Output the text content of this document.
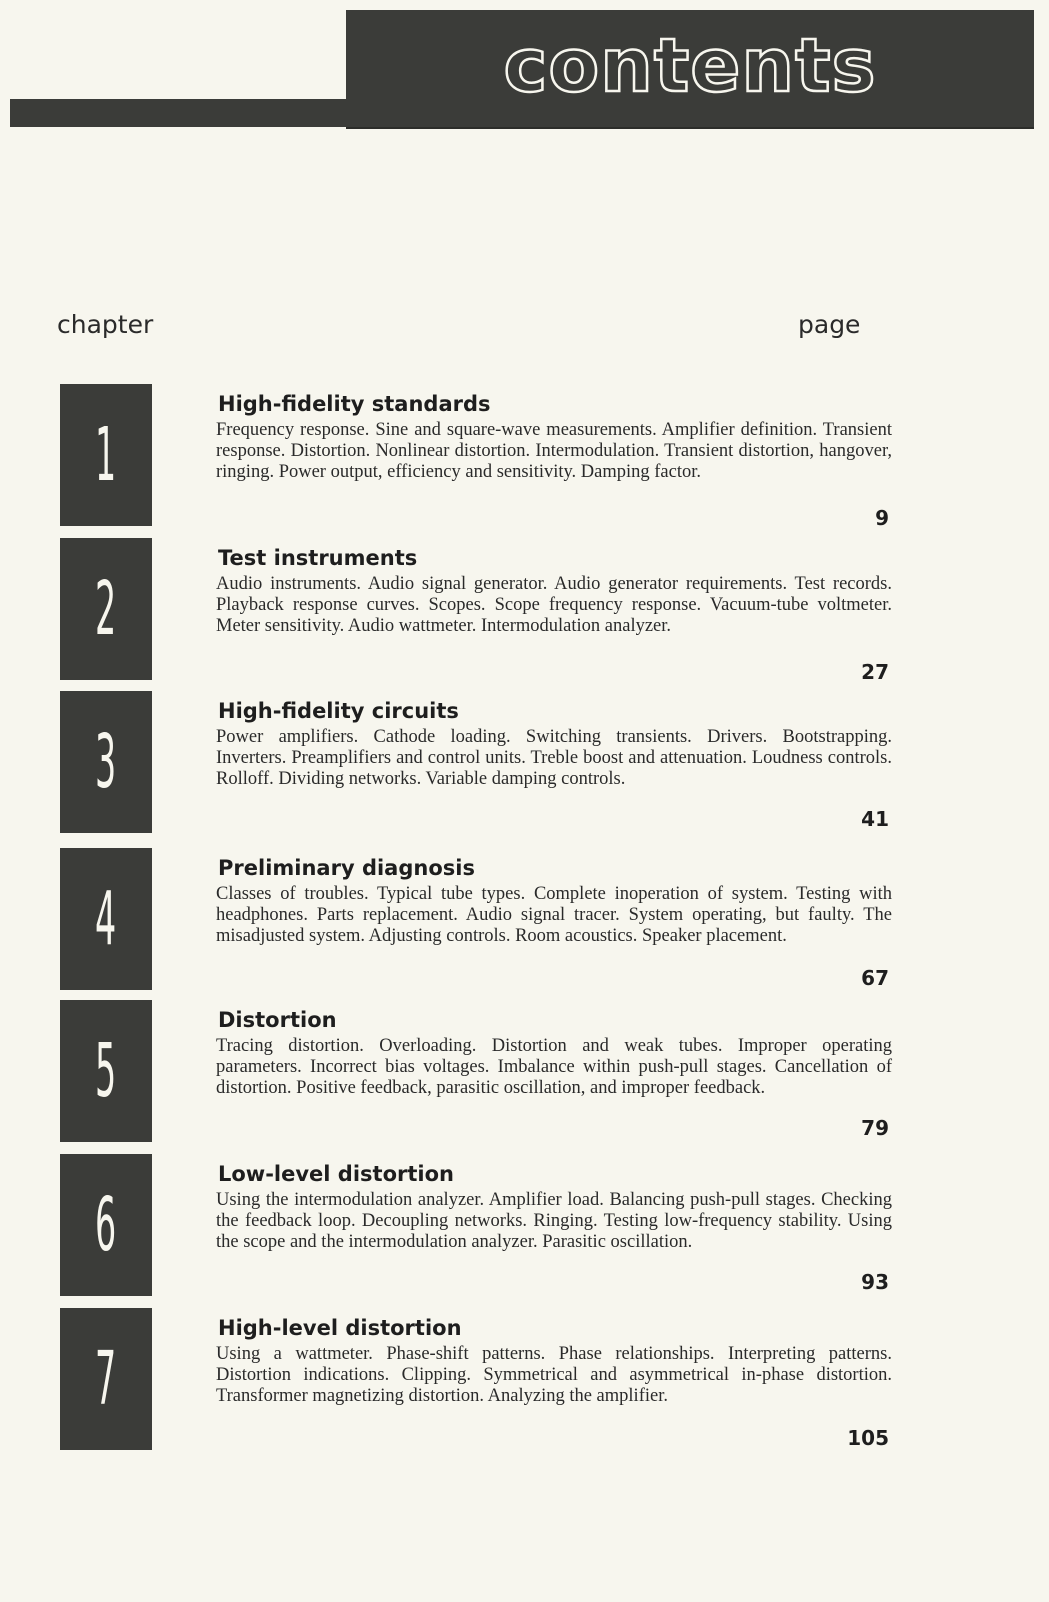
contents
chapter	page
1
High-fidelity standards
Frequency response. Sine and square-wave measurements. Amplifier definition. Transient response. Distortion. Nonlinear distortion. Intermodulation. Transient distortion, hangover, ringing. Power output, efficiency and sensitivity. Damping factor.
9
2
Test instruments
Audio instruments. Audio signal generator. Audio generator requirements. Test records. Playback response curves. Scopes. Scope frequency response. Vacuum-tube voltmeter. Meter sensitivity. Audio wattmeter. Intermodulation analyzer.
27
3
High-fidelity circuits
Power amplifiers. Cathode loading. Switching transients. Drivers. Bootstrapping. Inverters. Preamplifiers and control units. Treble boost and attenuation. Loudness controls. Rolloff. Dividing networks. Variable damping controls.
41
4
Preliminary diagnosis
Classes of troubles. Typical tube types. Complete inoperation of system. Testing with headphones. Parts replacement. Audio signal tracer. System operating, but faulty. The misadjusted system. Adjusting controls. Room acoustics. Speaker placement.
67
5
Distortion
Tracing distortion. Overloading. Distortion and weak tubes. Improper operating parameters. Incorrect bias voltages. Imbalance within push-pull stages. Cancellation of distortion. Positive feedback, parasitic oscillation, and improper feedback.
79
6
Low-level distortion
Using the intermodulation analyzer. Amplifier load. Balancing push-pull stages. Checking the feedback loop. Decoupling networks. Ringing. Testing low-frequency stability. Using the scope and the intermodulation analyzer. Parasitic oscillation.
93
7
High-level distortion
Using a wattmeter. Phase-shift patterns. Phase relationships. Interpreting patterns. Distortion indications. Clipping. Symmetrical and asymmetrical in-phase distortion. Transformer magnetizing distortion. Analyzing the amplifier.
105
